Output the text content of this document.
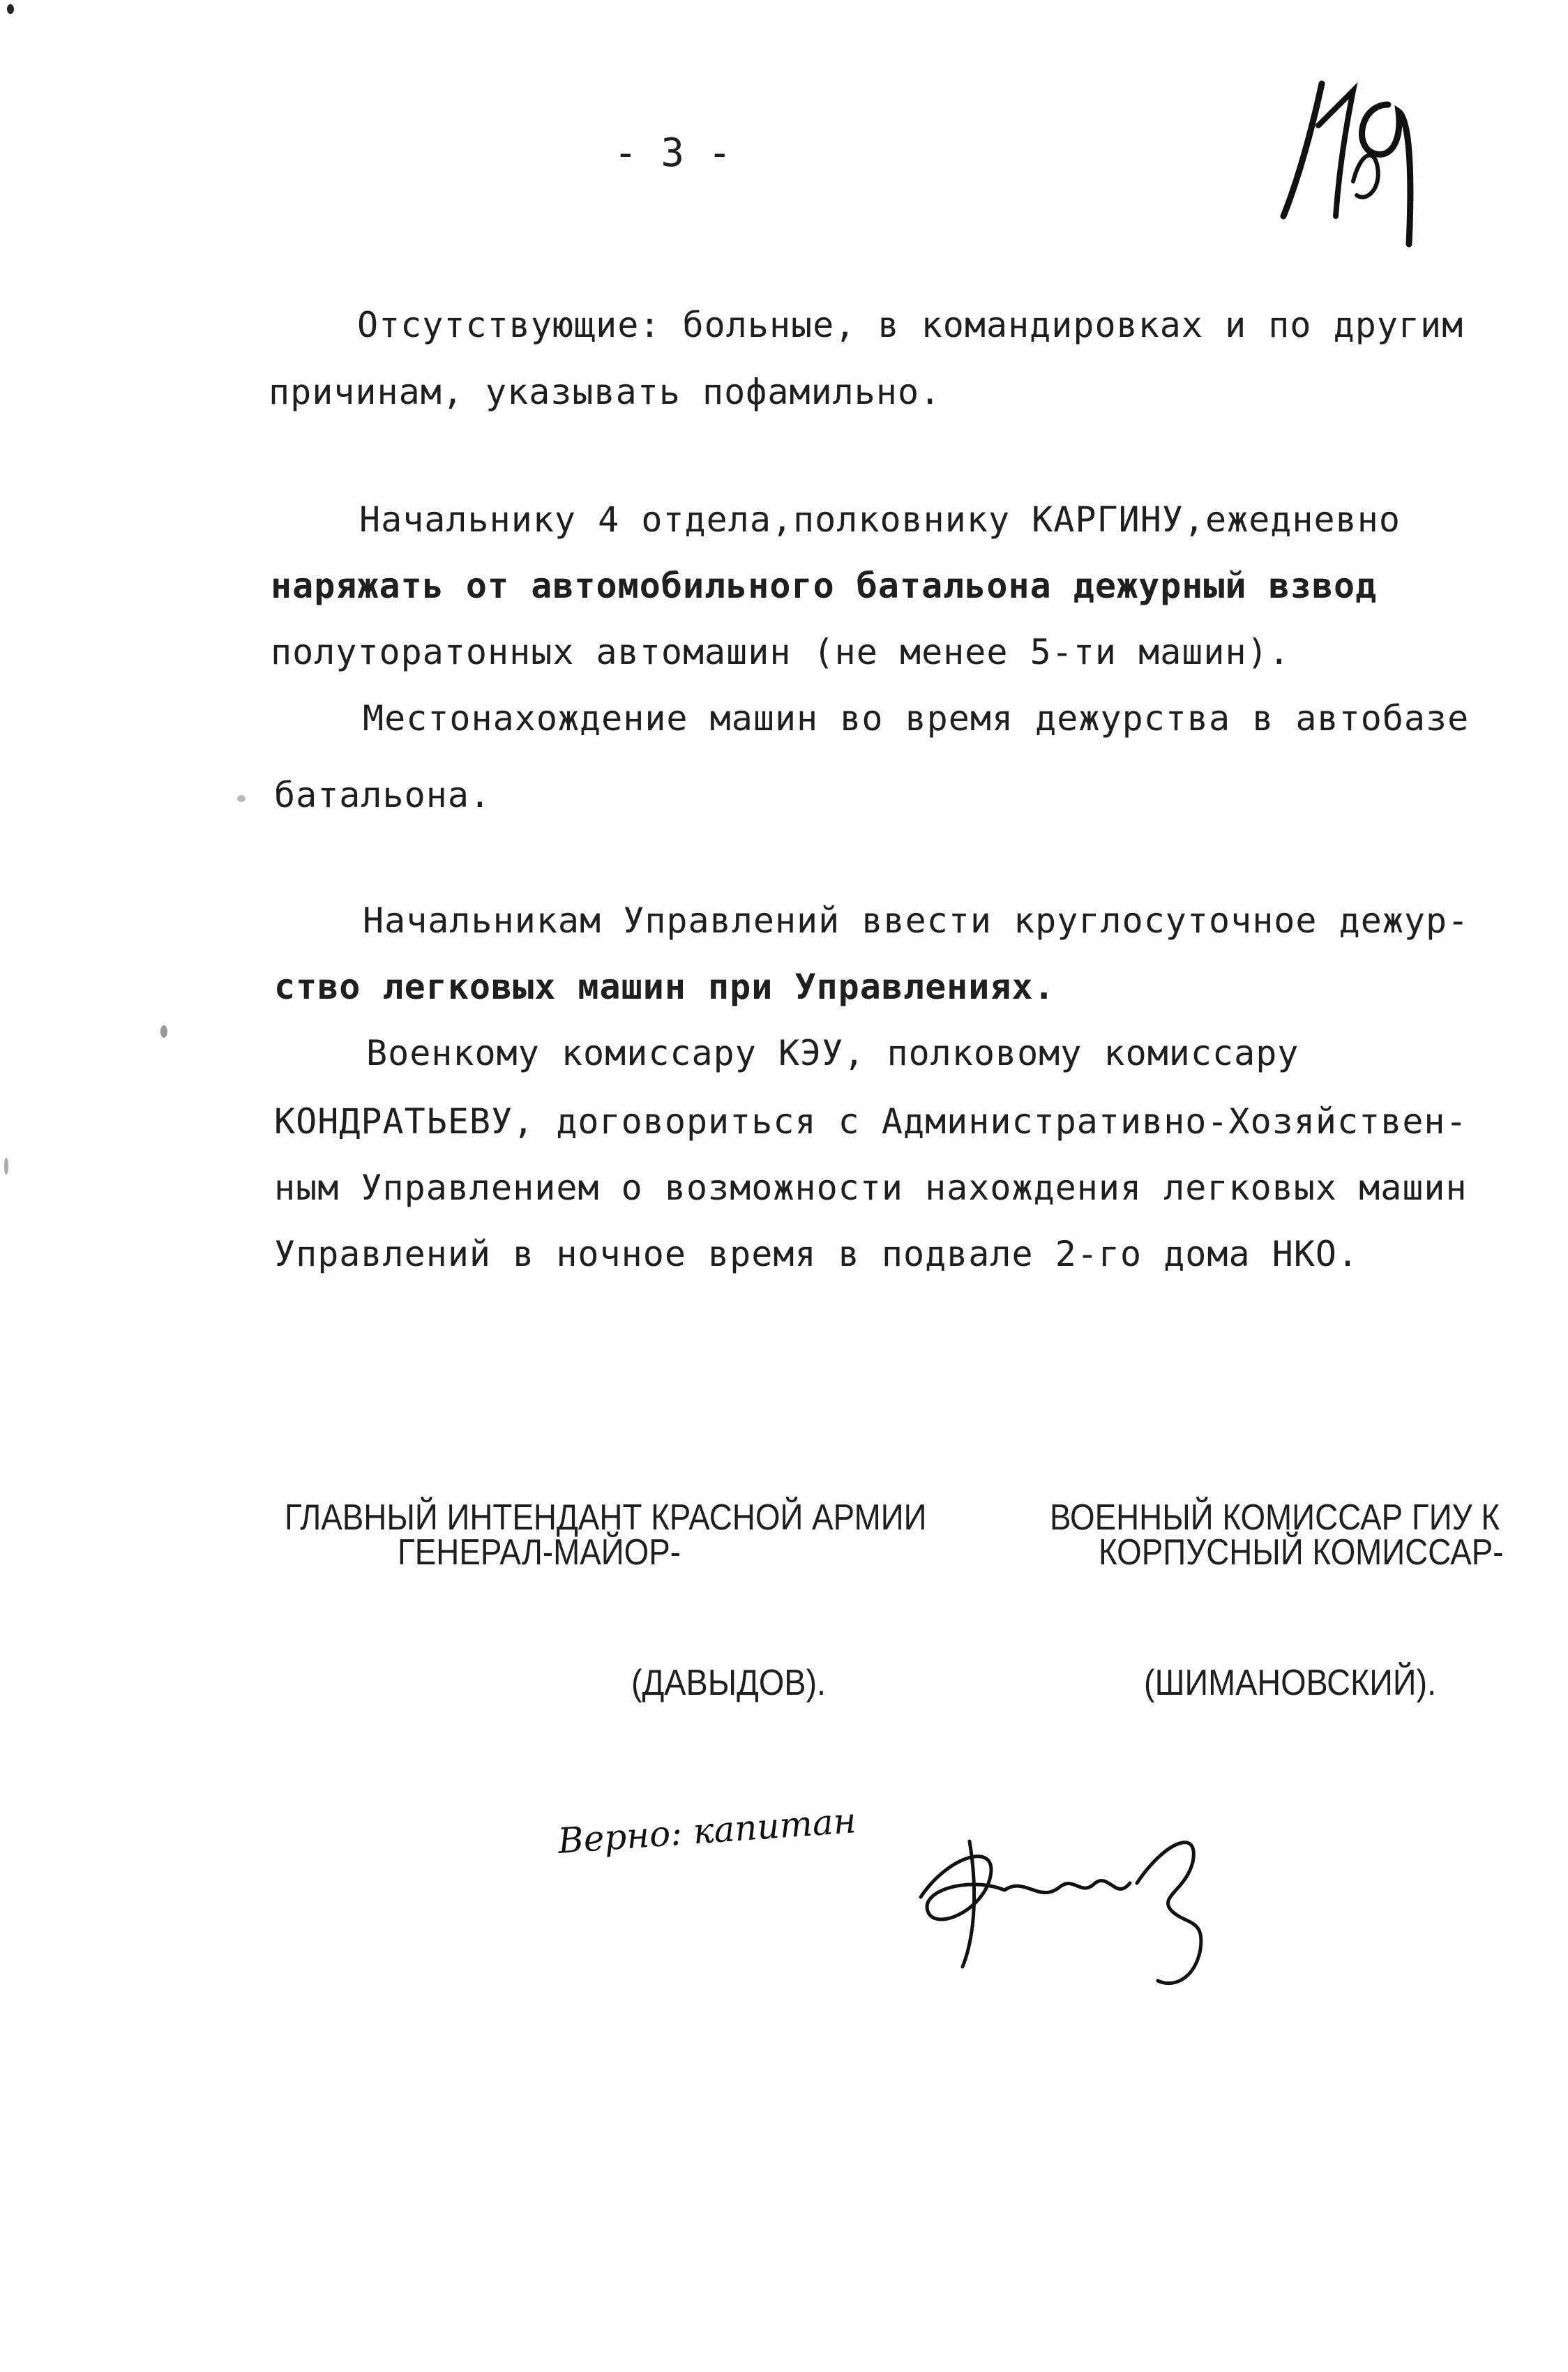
- 3 -
Отсутствующие: больные, в командировках и по другим
причинам, указывать пофамильно.
Начальнику 4 отдела,полковнику КАРГИНУ,ежедневно
наряжать от автомобильного батальона дежурный взвод
полуторатонных автомашин (не менее 5-ти машин).
Местонахождение машин во время дежурства в автобазе
батальона.
Начальникам Управлений ввести круглосуточное дежур-
ство легковых машин при Управлениях.
Военкому комиссару КЭУ, полковому комиссару
КОНДРАТЬЕВУ, договориться с Административно-Хозяйствен-
ным Управлением о возможности нахождения легковых машин
Управлений в ночное время в подвале 2-го дома НКО.
ГЛАВНЫЙ ИНТЕНДАНТ КРАСНОЙ АРМИИ
ГЕНЕРАЛ-МАЙОР-
(ДАВЫДОВ).
ВОЕННЫЙ КОМИССАР ГИУ К
КОРПУСНЫЙ КОМИССАР-
(ШИМАНОВСКИЙ).
Верно: капитан
